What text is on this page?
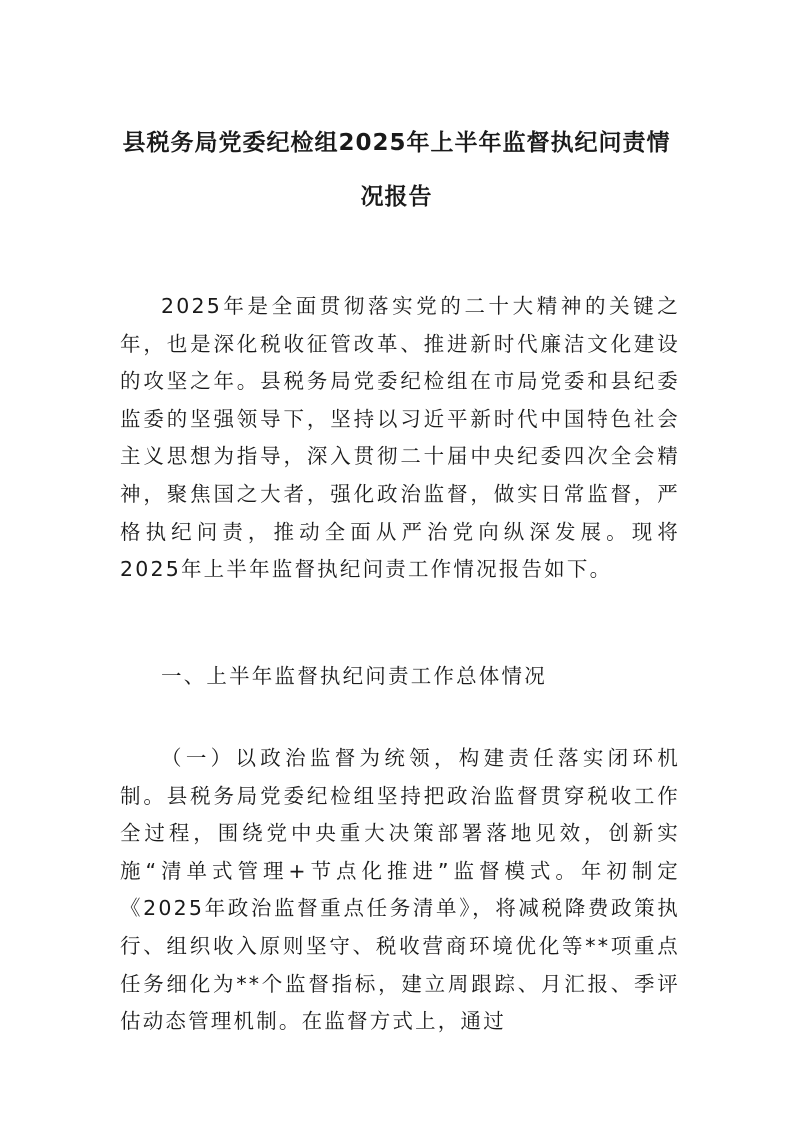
县税务局党委纪检组2025年上半年监督执纪问责情
况报告

2025年是全面贯彻落实党的二十大精神的关键之年，也是深化税收征管改革、推进新时代廉洁文化建设的攻坚之年。县税务局党委纪检组在市局党委和县纪委监委的坚强领导下，坚持以习近平新时代中国特色社会主义思想为指导，深入贯彻二十届中央纪委四次全会精神，聚焦国之大者，强化政治监督，做实日常监督，严格执纪问责，推动全面从严治党向纵深发展。现将2025年上半年监督执纪问责工作情况报告如下。

一、上半年监督执纪问责工作总体情况

（一）以政治监督为统领，构建责任落实闭环机制。县税务局党委纪检组坚持把政治监督贯穿税收工作全过程，围绕党中央重大决策部署落地见效，创新实施“清单式管理+节点化推进”监督模式。年初制定《2025年政治监督重点任务清单》，将减税降费政策执行、组织收入原则坚守、税收营商环境优化等**项重点任务细化为**个监督指标，建立周跟踪、月汇报、季评估动态管理机制。在监督方式上，通过
